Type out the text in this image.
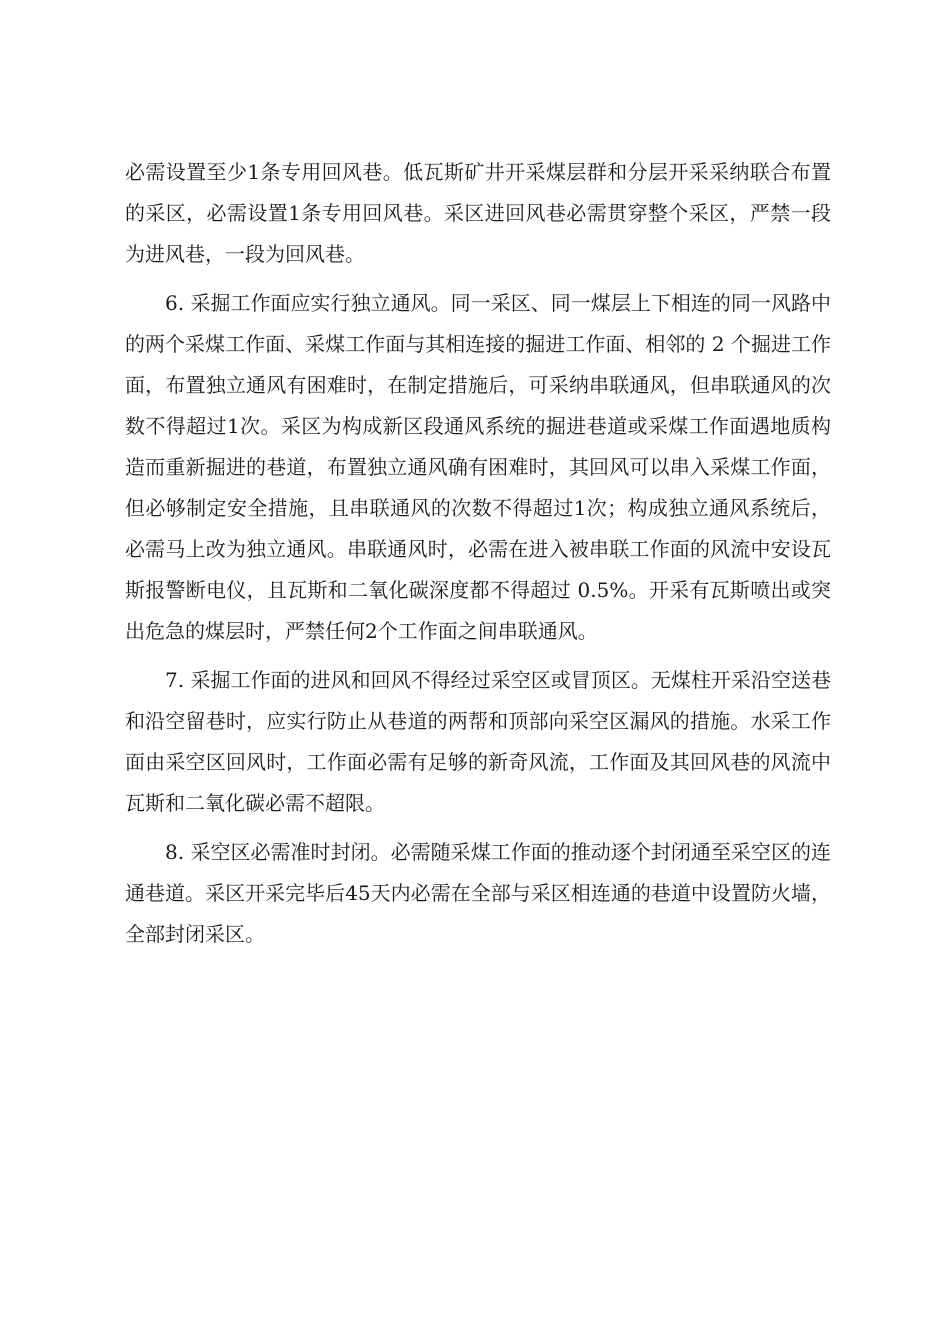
必需设置至少1条专用回风巷。低瓦斯矿井开采煤层群和分层开采采纳联合布置的采区，必需设置1条专用回风巷。采区进回风巷必需贯穿整个采区，严禁一段为进风巷，一段为回风巷。

6. 采掘工作面应实行独立通风。同一采区、同一煤层上下相连的同一风路中的两个采煤工作面、采煤工作面与其相连接的掘进工作面、相邻的 2 个掘进工作面，布置独立通风有困难时，在制定措施后，可采纳串联通风，但串联通风的次数不得超过1次。采区为构成新区段通风系统的掘进巷道或采煤工作面遇地质构造而重新掘进的巷道，布置独立通风确有困难时，其回风可以串入采煤工作面，但必够制定安全措施，且串联通风的次数不得超过1次；构成独立通风系统后，必需马上改为独立通风。串联通风时，必需在进入被串联工作面的风流中安设瓦斯报警断电仪，且瓦斯和二氧化碳深度都不得超过 0.5%。开采有瓦斯喷出或突出危急的煤层时，严禁任何2个工作面之间串联通风。

7. 采掘工作面的进风和回风不得经过采空区或冒顶区。无煤柱开采沿空送巷和沿空留巷时，应实行防止从巷道的两帮和顶部向采空区漏风的措施。水采工作面由采空区回风时，工作面必需有足够的新奇风流，工作面及其回风巷的风流中瓦斯和二氧化碳必需不超限。

8. 采空区必需准时封闭。必需随采煤工作面的推动逐个封闭通至采空区的连通巷道。采区开采完毕后45天内必需在全部与采区相连通的巷道中设置防火墙，全部封闭采区。
